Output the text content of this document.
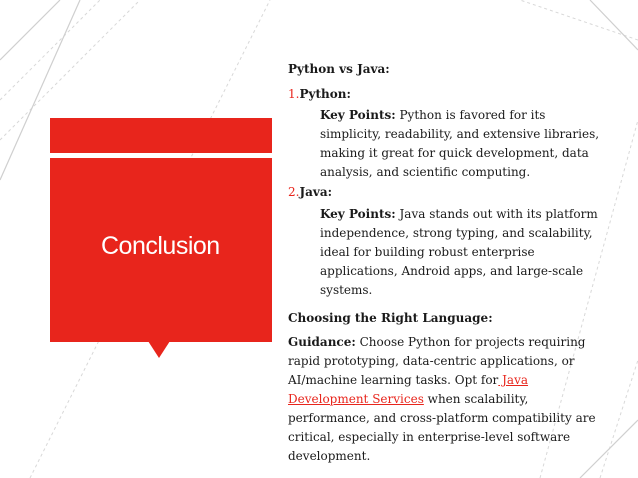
Conclusion
Python vs Java:
1.Python:
Key Points: Python is favored for its simplicity, readability, and extensive libraries, making it great for quick development, data analysis, and scientific computing.
2.Java:
Key Points: Java stands out with its platform independence, strong typing, and scalability, ideal for building robust enterprise applications, Android apps, and large-scale systems.
Choosing the Right Language:
Guidance: Choose Python for projects requiring rapid prototyping, data-centric applications, or AI/machine learning tasks. Opt for Java Development Services when scalability, performance, and cross-platform compatibility are critical, especially in enterprise-level software development.
